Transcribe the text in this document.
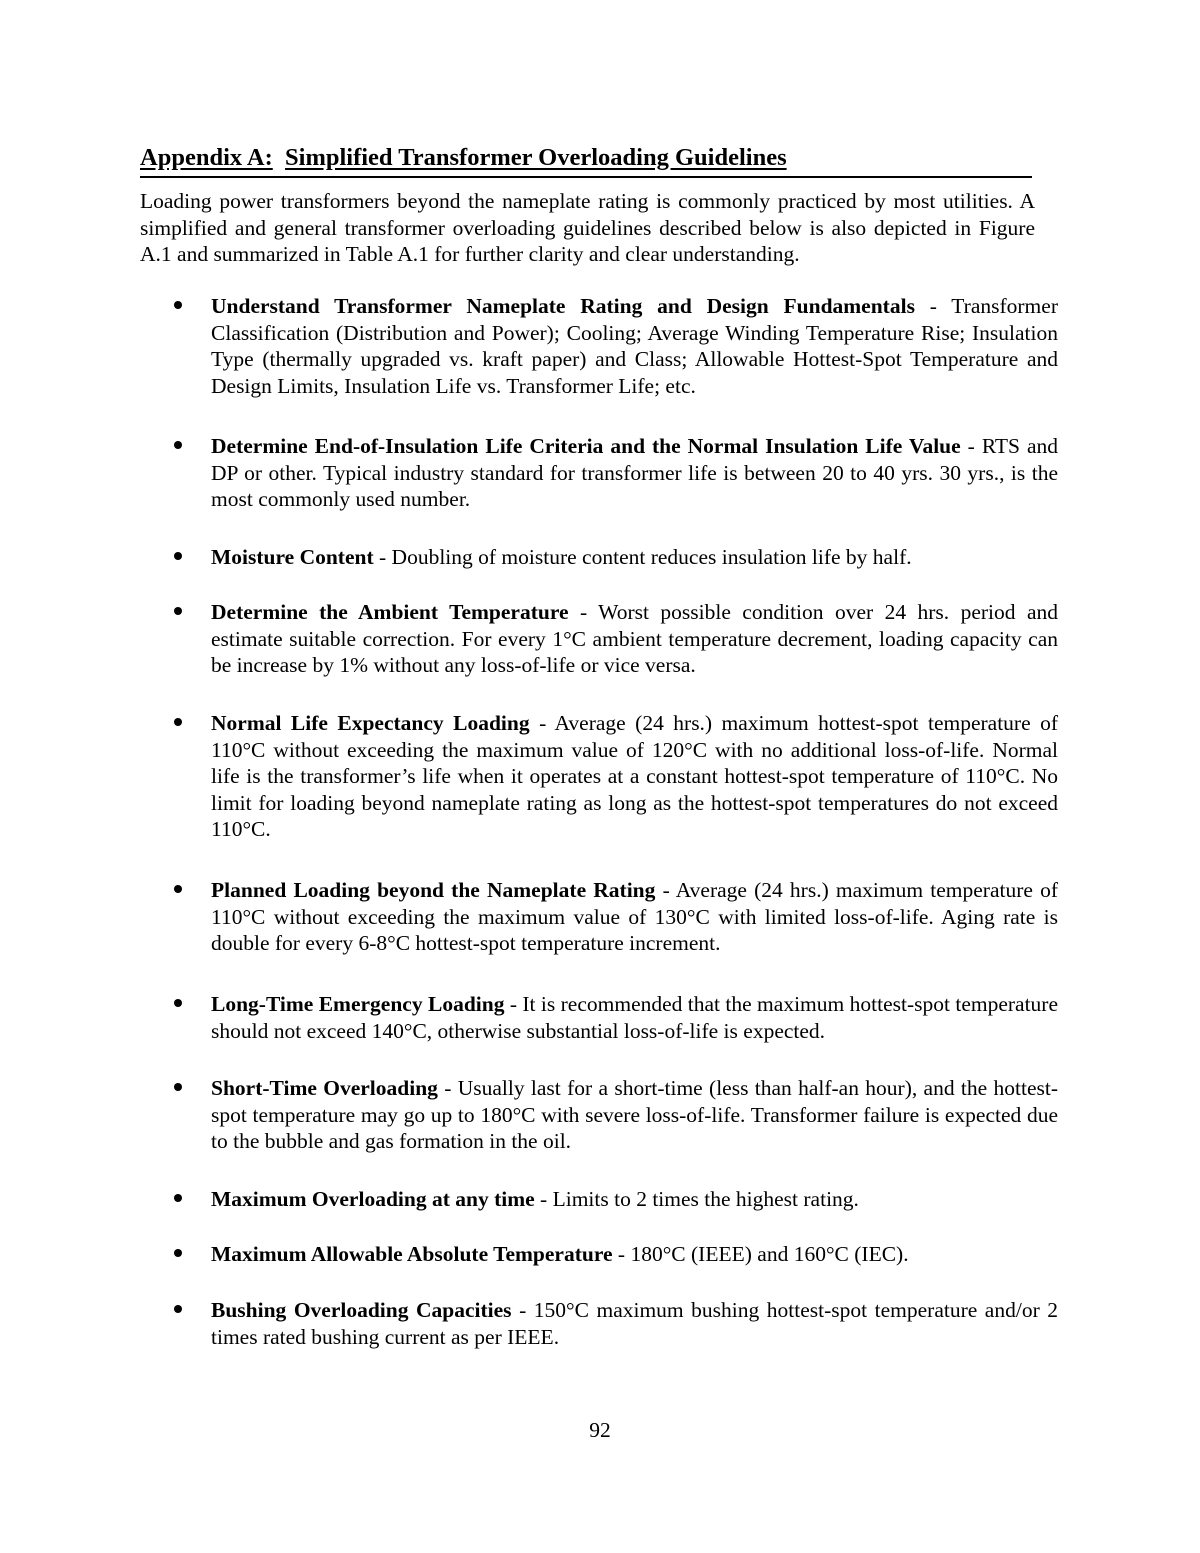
Appendix A: Simplified Transformer Overloading Guidelines

Loading power transformers beyond the nameplate rating is commonly practiced by most utilities. A simplified and general transformer overloading guidelines described below is also depicted in Figure A.1 and summarized in Table A.1 for further clarity and clear understanding.

Understand Transformer Nameplate Rating and Design Fundamentals - Transformer Classification (Distribution and Power); Cooling; Average Winding Temperature Rise; Insulation Type (thermally upgraded vs. kraft paper) and Class; Allowable Hottest-Spot Temperature and Design Limits, Insulation Life vs. Transformer Life; etc.

Determine End-of-Insulation Life Criteria and the Normal Insulation Life Value - RTS and DP or other. Typical industry standard for transformer life is between 20 to 40 yrs. 30 yrs., is the most commonly used number.

Moisture Content - Doubling of moisture content reduces insulation life by half.

Determine the Ambient Temperature - Worst possible condition over 24 hrs. period and estimate suitable correction. For every 1°C ambient temperature decrement, loading capacity can be increase by 1% without any loss-of-life or vice versa.

Normal Life Expectancy Loading - Average (24 hrs.) maximum hottest-spot temperature of 110°C without exceeding the maximum value of 120°C with no additional loss-of-life. Normal life is the transformer’s life when it operates at a constant hottest-spot temperature of 110°C. No limit for loading beyond nameplate rating as long as the hottest-spot temperatures do not exceed 110°C.

Planned Loading beyond the Nameplate Rating - Average (24 hrs.) maximum temperature of 110°C without exceeding the maximum value of 130°C with limited loss-of-life. Aging rate is double for every 6-8°C hottest-spot temperature increment.

Long-Time Emergency Loading - It is recommended that the maximum hottest-spot temperature should not exceed 140°C, otherwise substantial loss-of-life is expected.

Short-Time Overloading - Usually last for a short-time (less than half-an hour), and the hottest-spot temperature may go up to 180°C with severe loss-of-life. Transformer failure is expected due to the bubble and gas formation in the oil.

Maximum Overloading at any time - Limits to 2 times the highest rating.

Maximum Allowable Absolute Temperature - 180°C (IEEE) and 160°C (IEC).

Bushing Overloading Capacities - 150°C maximum bushing hottest-spot temperature and/or 2 times rated bushing current as per IEEE.

92
